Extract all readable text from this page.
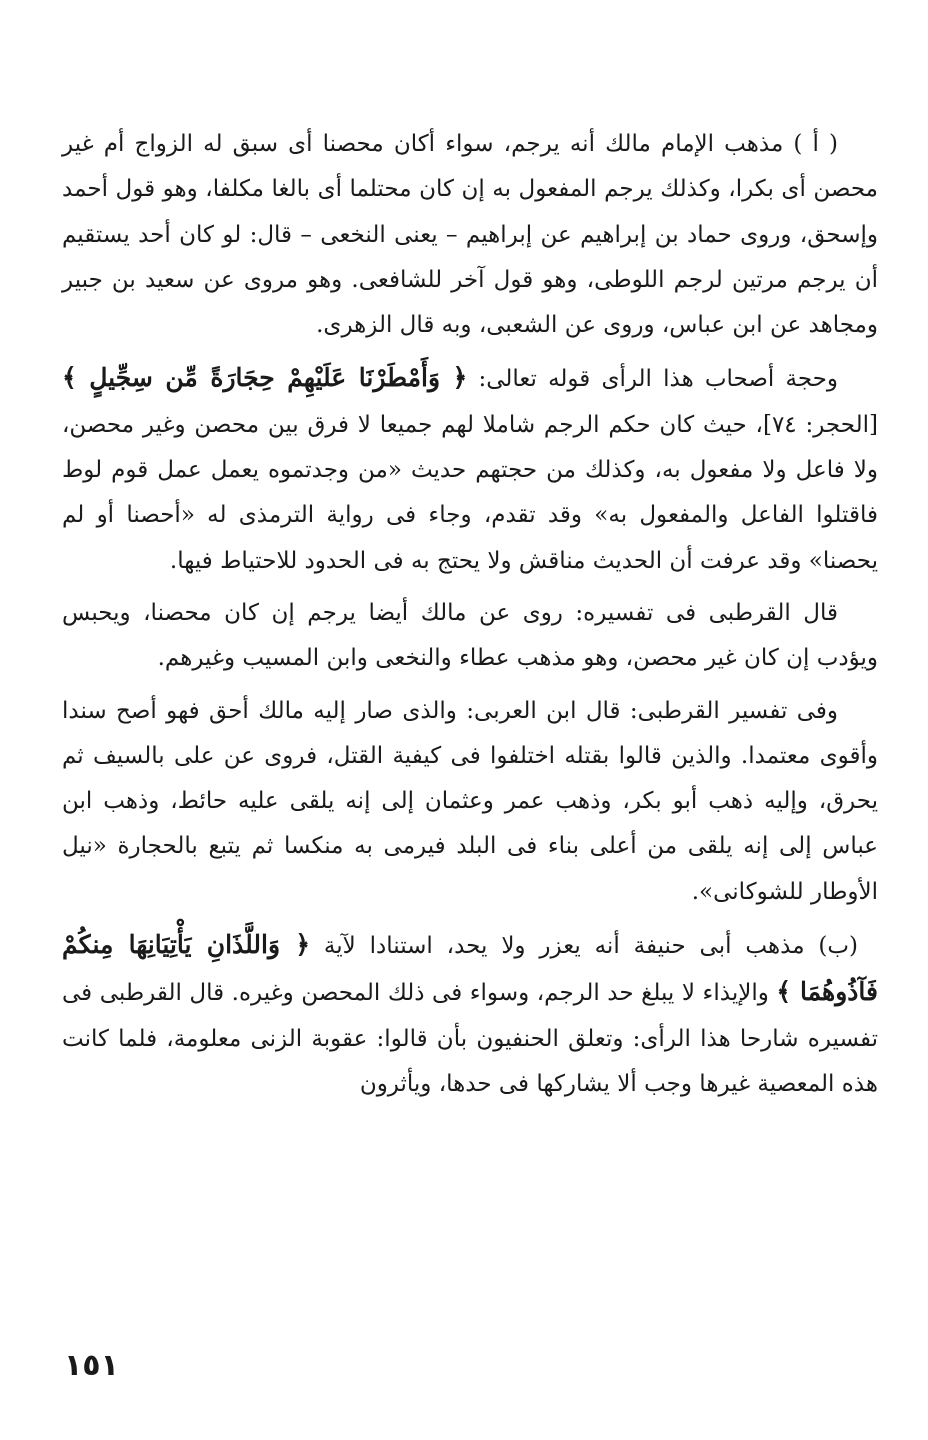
( أ ) مذهب الإمام مالك أنه يرجم، سواء أكان محصنا أى سبق له الزواج أم غير محصن أى بكرا، وكذلك يرجم المفعول به إن كان محتلما أى بالغا مكلفا، وهو قول أحمد وإسحق، وروى حماد بن إبراهيم عن إبراهيم – يعنى النخعى – قال: لو كان أحد يستقيم أن يرجم مرتين لرجم اللوطى، وهو قول آخر للشافعى. وهو مروى عن سعيد بن جبير ومجاهد عن ابن عباس، وروى عن الشعبى، وبه قال الزهرى.

وحجة أصحاب هذا الرأى قوله تعالى: ﴿ وَأَمْطَرْنَا عَلَيْهِمْ حِجَارَةً مِّن سِجِّيلٍ ﴾ [الحجر: ٧٤]، حيث كان حكم الرجم شاملا لهم جميعا لا فرق بين محصن وغير محصن، ولا فاعل ولا مفعول به، وكذلك من حجتهم حديث «من وجدتموه يعمل عمل قوم لوط فاقتلوا الفاعل والمفعول به» وقد تقدم، وجاء فى رواية الترمذى له «أحصنا أو لم يحصنا» وقد عرفت أن الحديث مناقش ولا يحتج به فى الحدود للاحتياط فيها.

قال القرطبى فى تفسيره: روى عن مالك أيضا يرجم إن كان محصنا، ويحبس ويؤدب إن كان غير محصن، وهو مذهب عطاء والنخعى وابن المسيب وغيرهم.

وفى تفسير القرطبى: قال ابن العربى: والذى صار إليه مالك أحق فهو أصح سندا وأقوى معتمدا. والذين قالوا بقتله اختلفوا فى كيفية القتل، فروى عن على بالسيف ثم يحرق، وإليه ذهب أبو بكر، وذهب عمر وعثمان إلى إنه يلقى عليه حائط، وذهب ابن عباس إلى إنه يلقى من أعلى بناء فى البلد فيرمى به منكسا ثم يتبع بالحجارة «نيل الأوطار للشوكانى».

(ب) مذهب أبى حنيفة أنه يعزر ولا يحد، استنادا لآية ﴿ وَاللَّذَانِ يَأْتِيَانِهَا مِنكُمْ فَآذُوهُمَا ﴾ والإيذاء لا يبلغ حد الرجم، وسواء فى ذلك المحصن وغيره. قال القرطبى فى تفسيره شارحا هذا الرأى: وتعلق الحنفيون بأن قالوا: عقوبة الزنى معلومة، فلما كانت هذه المعصية غيرها وجب ألا يشاركها فى حدها، ويأثرون

١٥١
